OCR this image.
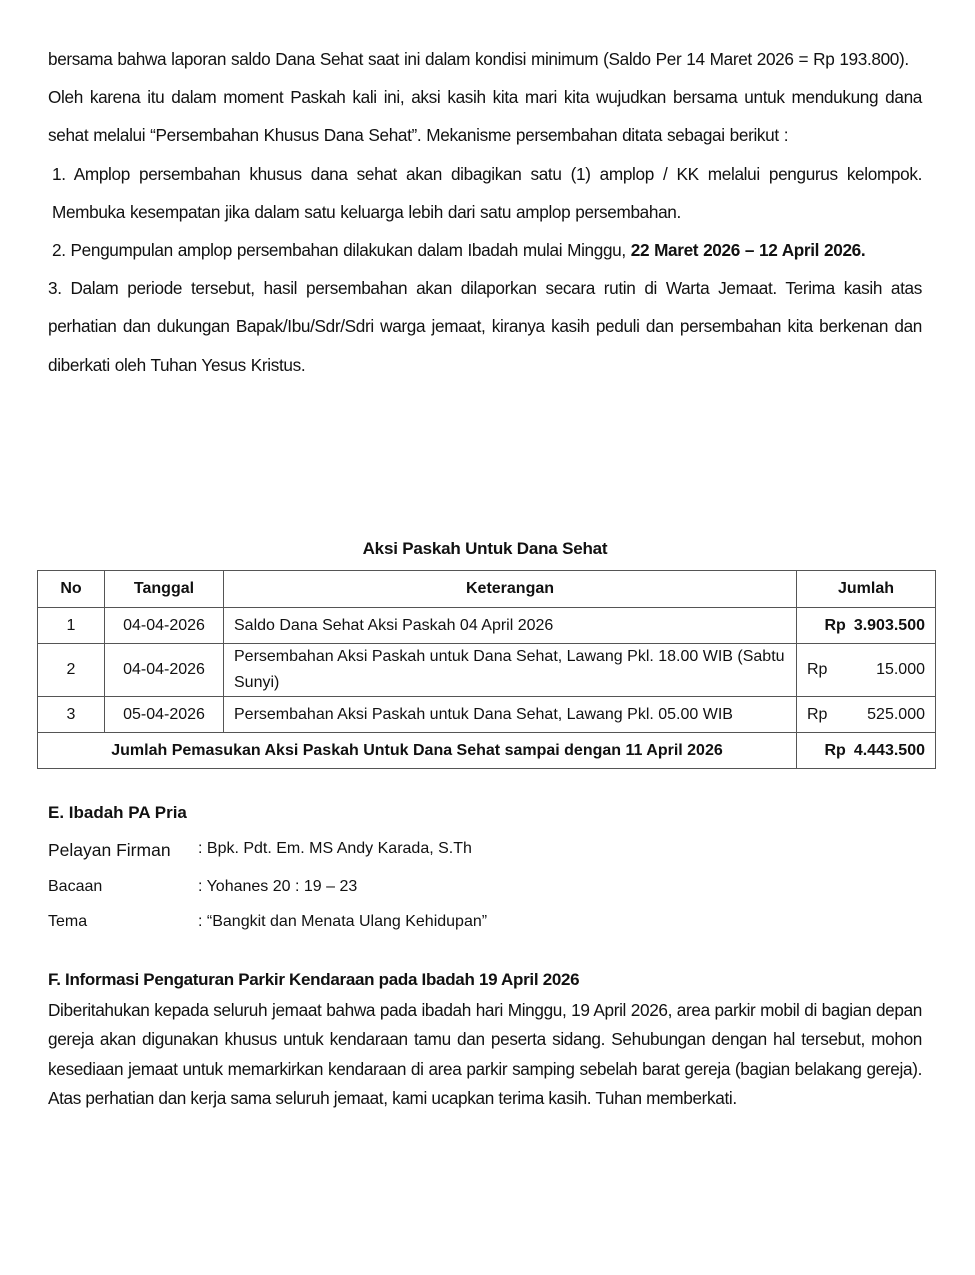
bersama bahwa laporan saldo Dana Sehat saat ini dalam kondisi minimum (Saldo Per 14 Maret 2026 = Rp 193.800).

Oleh karena itu dalam moment Paskah kali ini, aksi kasih kita mari kita wujudkan bersama untuk mendukung dana sehat melalui “Persembahan Khusus Dana Sehat”. Mekanisme persembahan ditata sebagai berikut :

1. Amplop persembahan khusus dana sehat akan dibagikan satu (1) amplop / KK melalui pengurus kelompok. Membuka kesempatan jika dalam satu keluarga lebih dari satu amplop persembahan.

2. Pengumpulan amplop persembahan dilakukan dalam Ibadah mulai Minggu, 22 Maret 2026 – 12 April 2026.

3. Dalam periode tersebut, hasil persembahan akan dilaporkan secara rutin di Warta Jemaat. Terima kasih atas perhatian dan dukungan Bapak/Ibu/Sdr/Sdri warga jemaat, kiranya kasih peduli dan persembahan kita berkenan dan diberkati oleh Tuhan Yesus Kristus.

Aksi Paskah Untuk Dana Sehat
No	Tanggal	Keterangan	Jumlah
1	04-04-2026	Saldo Dana Sehat Aksi Paskah 04 April 2026	Rp 3.903.500

2	04-04-2026	Persembahan Aksi Paskah untuk Dana Sehat, Lawang Pkl. 18.00 WIB (Sabtu Sunyi)	Rp 15.000

3	05-04-2026	Persembahan Aksi Paskah untuk Dana Sehat, Lawang Pkl. 05.00 WIB	Rp 525.000

Jumlah Pemasukan Aksi Paskah Untuk Dana Sehat sampai dengan 11 April 2026			Rp 4.443.500
E. Ibadah PA Pria
Pelayan Firman	: Bpk. Pdt. Em. MS Andy Karada, S.Th
Bacaan	: Yohanes 20 : 19 – 23
Tema	: “Bangkit dan Menata Ulang Kehidupan”
F. Informasi Pengaturan Parkir Kendaraan pada Ibadah 19 April 2026

Diberitahukan kepada seluruh jemaat bahwa pada ibadah hari Minggu, 19 April 2026, area parkir mobil di bagian depan gereja akan digunakan khusus untuk kendaraan tamu dan peserta sidang. Sehubungan dengan hal tersebut, mohon kesediaan jemaat untuk memarkirkan kendaraan di area parkir samping sebelah barat gereja (bagian belakang gereja). Atas perhatian dan kerja sama seluruh jemaat, kami ucapkan terima kasih. Tuhan memberkati.
